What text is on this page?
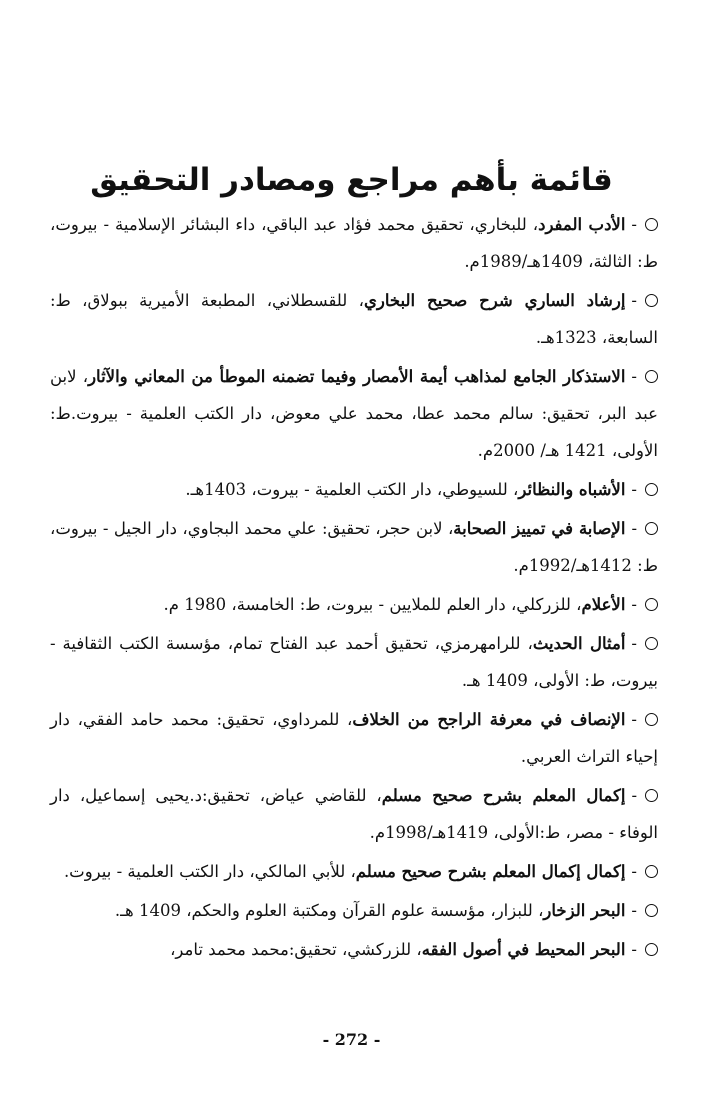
قائمة بأهم مراجع ومصادر التحقيق

-الأدب المفرد، للبخاري، تحقيق محمد فؤاد عبد الباقي، داء البشائر الإسلامية - بيروت، ط: الثالثة، 1409هـ/1989م.

-إرشاد الساري شرح صحيح البخاري، للقسطلاني، المطبعة الأميرية ببولاق، ط: السابعة، 1323هـ.

-الاستذكار الجامع لمذاهب أيمة الأمصار وفيما تضمنه الموطأ من المعاني والآثار، لابن عبد البر، تحقيق: سالم محمد عطا، محمد علي معوض، دار الكتب العلمية - بيروت.ط: الأولى، 1421 هـ/ 2000م.

-الأشباه والنظائر، للسيوطي، دار الكتب العلمية - بيروت، 1403هـ.

-الإصابة في تمييز الصحابة، لابن حجر، تحقيق: علي محمد البجاوي، دار الجيل - بيروت، ط: 1412هـ/1992م.

-الأعلام، للزركلي، دار العلم للملايين - بيروت، ط: الخامسة، 1980 م.

-أمثال الحديث، للرامهرمزي، تحقيق أحمد عبد الفتاح تمام، مؤسسة الكتب الثقافية - بيروت، ط: الأولى، 1409 هـ.

-الإنصاف في معرفة الراجح من الخلاف، للمرداوي، تحقيق: محمد حامد الفقي، دار إحياء التراث العربي.

-إكمال المعلم بشرح صحيح مسلم، للقاضي عياض، تحقيق:د.يحيى إسماعيل، دار الوفاء - مصر، ط:الأولى، 1419هـ/1998م.

-إكمال إكمال المعلم بشرح صحيح مسلم، للأبي المالكي، دار الكتب العلمية - بيروت.

-البحر الزخار، للبزار، مؤسسة علوم القرآن ومكتبة العلوم والحكم، 1409 هـ.

-البحر المحيط في أصول الفقه، للزركشي، تحقيق:محمد محمد تامر،

- 272 -
